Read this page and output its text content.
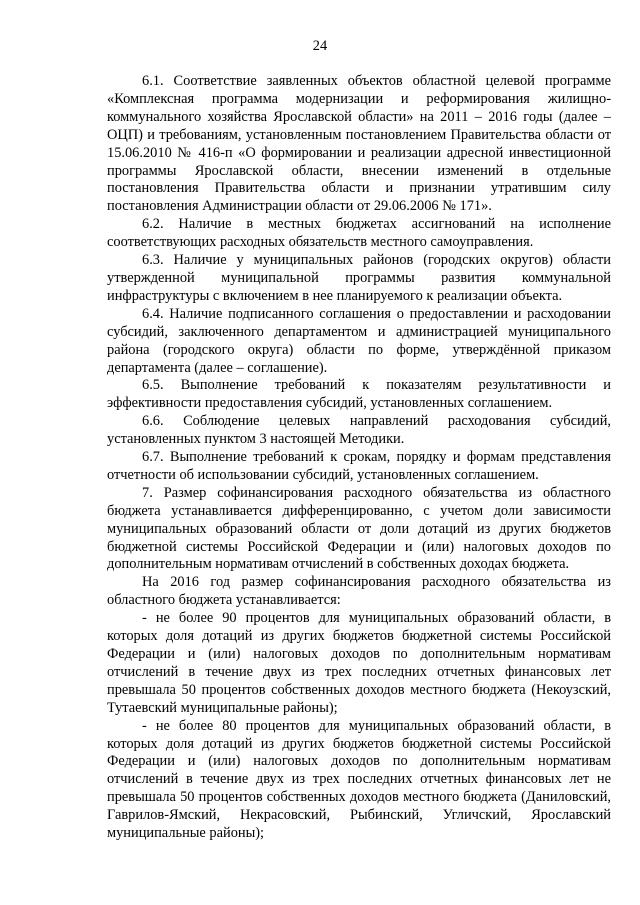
24

6.1. Соответствие заявленных объектов областной целевой программе «Комплексная программа модернизации и реформирования жилищно-коммунального хозяйства Ярославской области» на 2011 – 2016 годы (далее – ОЦП) и требованиям, установленным постановлением Правительства области от 15.06.2010 № 416-п «О формировании и реализации адресной инвестиционной программы Ярославской области, внесении изменений в отдельные постановления Правительства области и признании утратившим силу постановления Администрации области от 29.06.2006 № 171».

6.2. Наличие в местных бюджетах ассигнований на исполнение соответствующих расходных обязательств местного самоуправления.

6.3. Наличие у муниципальных районов (городских округов) области утвержденной муниципальной программы развития коммунальной инфраструктуры с включением в нее планируемого к реализации объекта.

6.4. Наличие подписанного соглашения о предоставлении и расходовании субсидий, заключенного департаментом и администрацией муниципального района (городского округа) области по форме, утверждённой приказом департамента (далее – соглашение).

6.5. Выполнение требований к показателям результативности и эффективности предоставления субсидий, установленных соглашением.

6.6. Соблюдение целевых направлений расходования субсидий, установленных пунктом 3 настоящей Методики.

6.7. Выполнение требований к срокам, порядку и формам представления отчетности об использовании субсидий, установленных соглашением.

7. Размер софинансирования расходного обязательства из областного бюджета устанавливается дифференцированно, с учетом доли зависимости муниципальных образований области от доли дотаций из других бюджетов бюджетной системы Российской Федерации и (или) налоговых доходов по дополнительным нормативам отчислений в собственных доходах бюджета.

На 2016 год размер софинансирования расходного обязательства из областного бюджета устанавливается:

- не более 90 процентов для муниципальных образований области, в которых доля дотаций из других бюджетов бюджетной системы Российской Федерации и (или) налоговых доходов по дополнительным нормативам отчислений в течение двух из трех последних отчетных финансовых лет превышала 50 процентов собственных доходов местного бюджета (Некоузский, Тутаевский муниципальные районы);

- не более 80 процентов для муниципальных образований области, в которых доля дотаций из других бюджетов бюджетной системы Российской Федерации и (или) налоговых доходов по дополнительным нормативам отчислений в течение двух из трех последних отчетных финансовых лет не превышала 50 процентов собственных доходов местного бюджета (Даниловский, Гаврилов-Ямский, Некрасовский, Рыбинский, Угличский, Ярославский муниципальные районы);
